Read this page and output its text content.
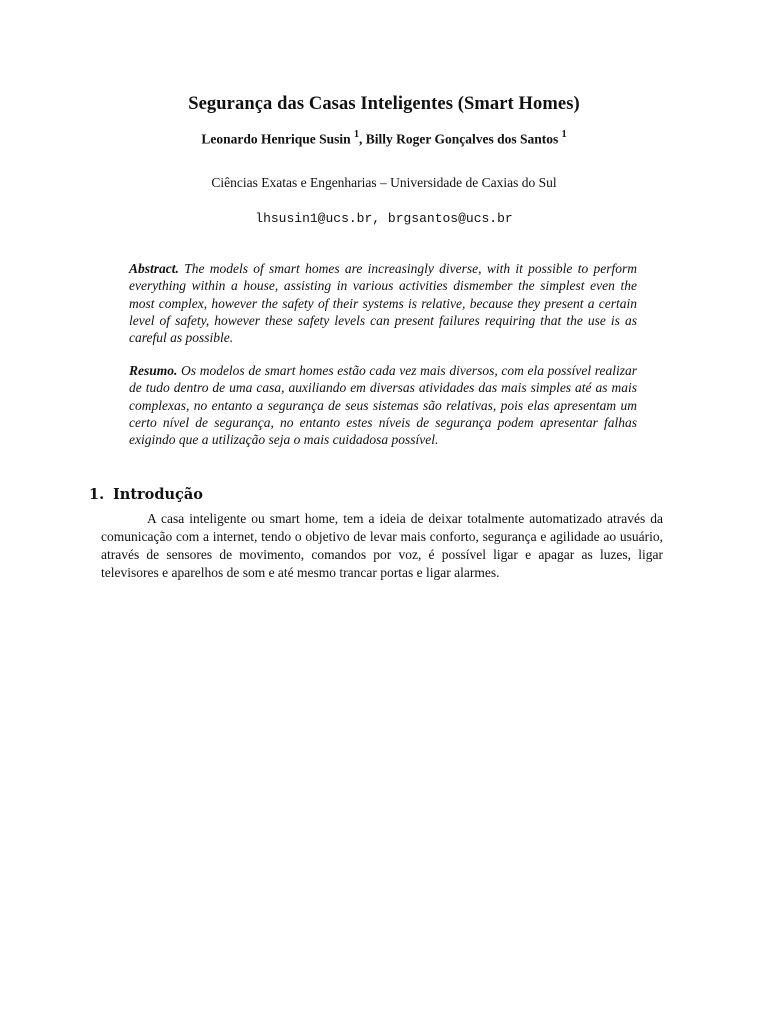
Segurança das Casas Inteligentes (Smart Homes)
Leonardo Henrique Susin $^1$, Billy Roger Gonçalves dos Santos $^1$
Ciências Exatas e Engenharias – Universidade de Caxias do Sul
lhsusin1@ucs.br, brgsantos@ucs.br
Abstract. The models of smart homes are increasingly diverse, with it possible to perform everything within a house, assisting in various activities dismember the simplest even the most complex, however the safety of their systems is relative, because they present a certain level of safety, however these safety levels can present failures requiring that the use is as careful as possible.
Resumo. Os modelos de smart homes estão cada vez mais diversos, com ela possível realizar de tudo dentro de uma casa, auxiliando em diversas atividades das mais simples até as mais complexas, no entanto a segurança de seus sistemas são relativas, pois elas apresentam um certo nível de segurança, no entanto estes níveis de segurança podem apresentar falhas exigindo que a utilização seja o mais cuidadosa possível.
1. Introdução
A casa inteligente ou smart home, tem a ideia de deixar totalmente automatizado através da comunicação com a internet, tendo o objetivo de levar mais conforto, segurança e agilidade ao usuário, através de sensores de movimento, comandos por voz, é possível ligar e apagar as luzes, ligar televisores e aparelhos de som e até mesmo trancar portas e ligar alarmes.
